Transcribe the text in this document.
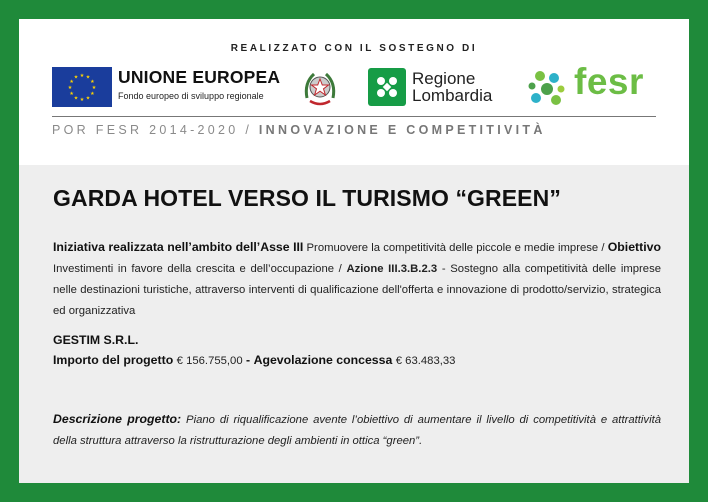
REALIZZATO CON IL SOSTEGNO DI
★ ★
★
★
★
★
★
★
★
★
★
★ UNIONE EUROPEA
Fondo europeo di sviluppo regionale
Regione
Lombardia fesr
POR FESR 2014-2020 / INNOVAZIONE E COMPETITIVITÀ
GARDA HOTEL VERSO IL TURISMO “GREEN”
Iniziativa realizzata nell’ambito dell’Asse III Promuovere la competitività delle piccole e medie imprese / Obiettivo Investimenti in favore della crescita e dell’occupazione / Azione III.3.B.2.3 - Sostegno alla competitività delle imprese nelle destinazioni turistiche, attraverso interventi di qualificazione dell'offerta e innovazione di prodotto/servizio, strategica ed organizzativa
GESTIM S.R.L.
Importo del progetto € 156.755,00 - Agevolazione concessa € 63.483,33
Descrizione progetto: Piano di riqualificazione avente l’obiettivo di aumentare il livello di competitività e attrattività della struttura attraverso la ristrutturazione degli ambienti in ottica “green”.
